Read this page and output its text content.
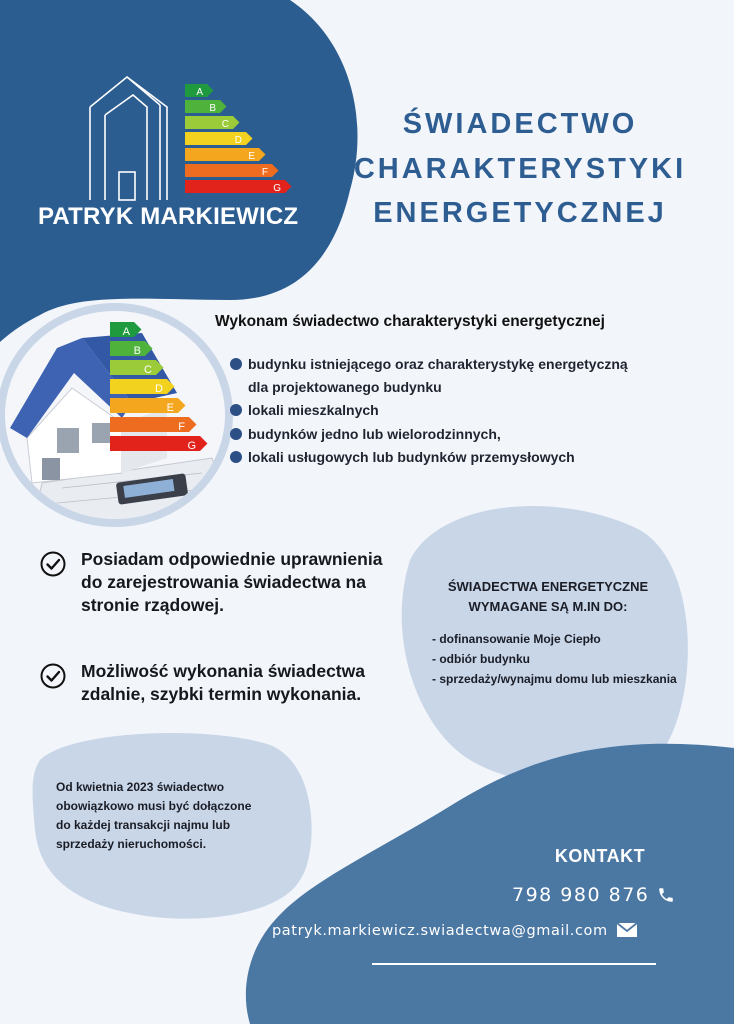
A
B
C
D
E
F
G
PATRYK MARKIEWICZ
ŚWIADECTWO
CHARAKTERYSTYKI
ENERGETYCZNEJ
A
B
C
D
E
F
G
Wykonam świadectwo charakterystyki energetycznej
budynku istniejącego oraz charakterystykę energetyczną
dla projektowanego budynku
lokali mieszkalnych
budynków jedno lub wielorodzinnych,
lokali usługowych lub budynków przemysłowych
Posiadam odpowiednie uprawnienia do zarejestrowania świadectwa na stronie rządowej.
Możliwość wykonania świadectwa zdalnie, szybki termin wykonania.
ŚWIADECTWA ENERGETYCZNE WYMAGANE SĄ M.IN DO:
- dofinansowanie Moje Ciepło
- odbiór budynku
- sprzedaży/wynajmu domu lub mieszkania
Od kwietnia 2023 świadectwo
obowiązkowo musi być dołączone
do każdej transakcji najmu lub
sprzedaży nieruchomości.
KONTAKT
798 980 876
patryk.markiewicz.swiadectwa@gmail.com
